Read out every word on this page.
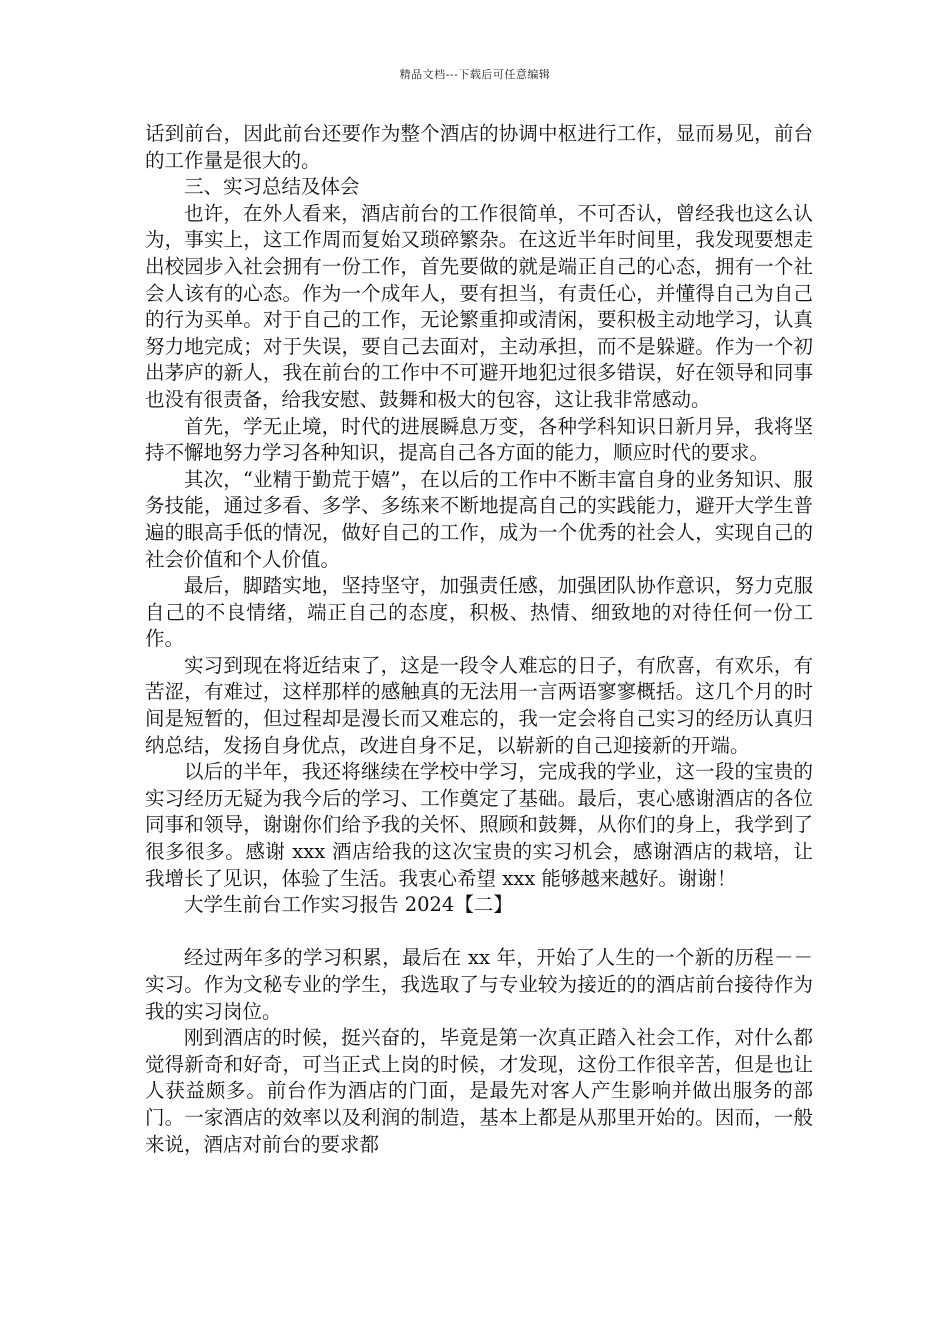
精品文档---下载后可任意编辑

话到前台，因此前台还要作为整个酒店的协调中枢进行工作，显而易见，前台的工作量是很大的。

三、实习总结及体会

也许，在外人看来，酒店前台的工作很简单，不可否认，曾经我也这么认为，事实上，这工作周而复始又琐碎繁杂。在这近半年时间里，我发现要想走出校园步入社会拥有一份工作，首先要做的就是端正自己的心态，拥有一个社会人该有的心态。作为一个成年人，要有担当，有责任心，并懂得自己为自己的行为买单。对于自己的工作，无论繁重抑或清闲，要积极主动地学习，认真努力地完成；对于失误，要自己去面对，主动承担，而不是躲避。作为一个初出茅庐的新人，我在前台的工作中不可避开地犯过很多错误，好在领导和同事也没有很责备，给我安慰、鼓舞和极大的包容，这让我非常感动。

首先，学无止境，时代的进展瞬息万变，各种学科知识日新月异，我将坚持不懈地努力学习各种知识，提高自己各方面的能力，顺应时代的要求。

其次，“业精于勤荒于嬉”，在以后的工作中不断丰富自身的业务知识、服务技能，通过多看、多学、多练来不断地提高自己的实践能力，避开大学生普遍的眼高手低的情况，做好自己的工作，成为一个优秀的社会人，实现自己的社会价值和个人价值。

最后，脚踏实地，坚持坚守，加强责任感，加强团队协作意识，努力克服自己的不良情绪，端正自己的态度，积极、热情、细致地的对待任何一份工作。

实习到现在将近结束了，这是一段令人难忘的日子，有欣喜，有欢乐，有苦涩，有难过，这样那样的感触真的无法用一言两语寥寥概括。这几个月的时间是短暂的，但过程却是漫长而又难忘的，我一定会将自己实习的经历认真归纳总结，发扬自身优点，改进自身不足，以崭新的自己迎接新的开端。

以后的半年，我还将继续在学校中学习，完成我的学业，这一段的宝贵的实习经历无疑为我今后的学习、工作奠定了基础。最后，衷心感谢酒店的各位同事和领导，谢谢你们给予我的关怀、照顾和鼓舞，从你们的身上，我学到了很多很多。感谢 xxx 酒店给我的这次宝贵的实习机会，感谢酒店的栽培，让我增长了见识，体验了生活。我衷心希望 xxx 能够越来越好。谢谢！

大学生前台工作实习报告 2024【二】

经过两年多的学习积累，最后在 xx 年，开始了人生的一个新的历程－－实习。作为文秘专业的学生，我选取了与专业较为接近的的酒店前台接待作为我的实习岗位。

刚到酒店的时候，挺兴奋的，毕竟是第一次真正踏入社会工作，对什么都觉得新奇和好奇，可当正式上岗的时候，才发现，这份工作很辛苦，但是也让人获益颇多。前台作为酒店的门面，是最先对客人产生影响并做出服务的部门。一家酒店的效率以及利润的制造，基本上都是从那里开始的。因而，一般来说，酒店对前台的要求都
